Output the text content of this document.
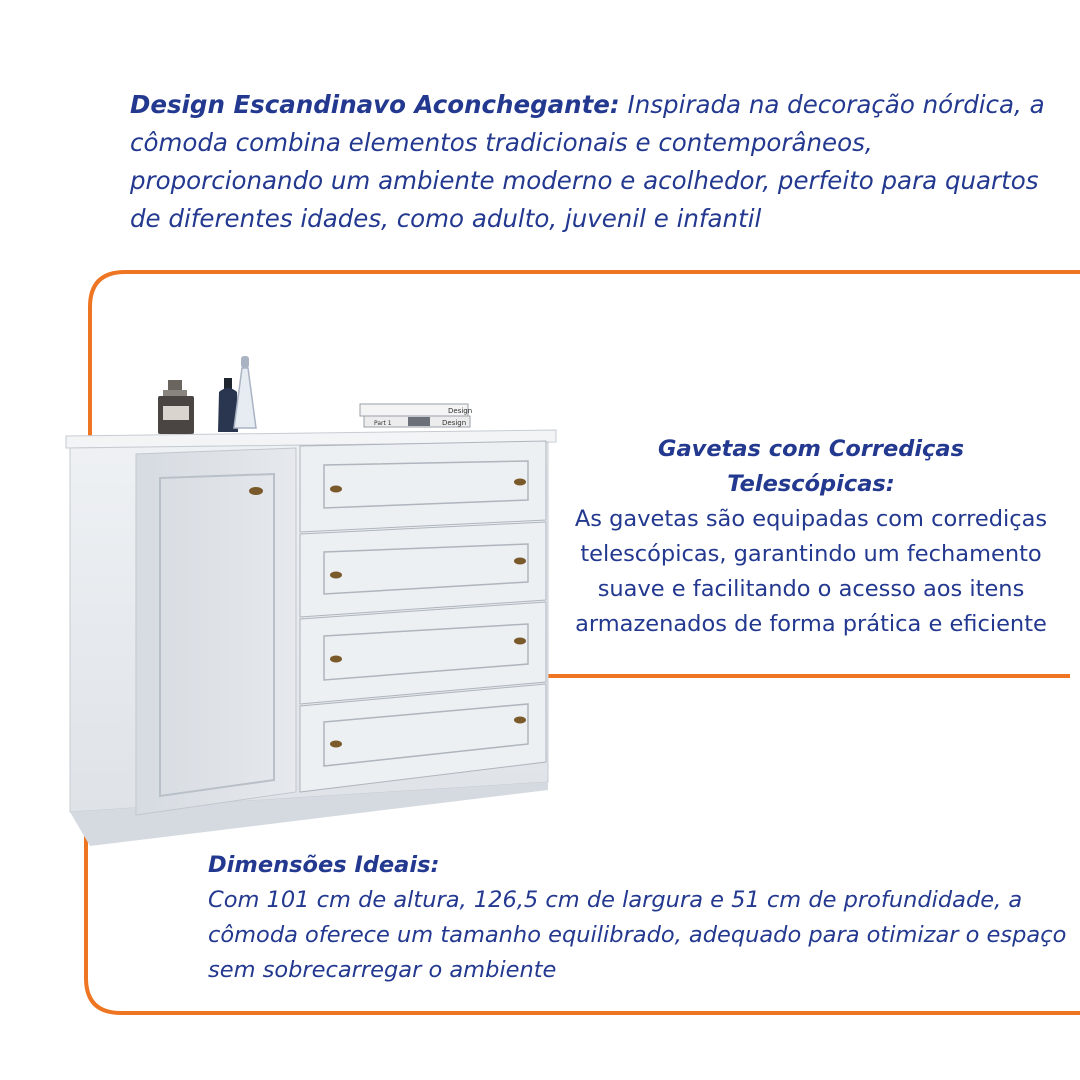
Design Escandinavo Aconchegante: Inspirada na decoração nórdica, a cômoda combina elementos tradicionais e contemporâneos, proporcionando um ambiente moderno e acolhedor, perfeito para quartos de diferentes idades, como adulto, juvenil e infantil
Design
Part 1	Design
Gavetas com Corrediças Telescópicas:
As gavetas são equipadas com corrediças telescópicas, garantindo um fechamento suave e facilitando o acesso aos itens armazenados de forma prática e eficiente
Dimensões Ideais:
Com 101 cm de altura, 126,5 cm de largura e 51 cm de profundidade, a cômoda oferece um tamanho equilibrado, adequado para otimizar o espaço sem sobrecarregar o ambiente
